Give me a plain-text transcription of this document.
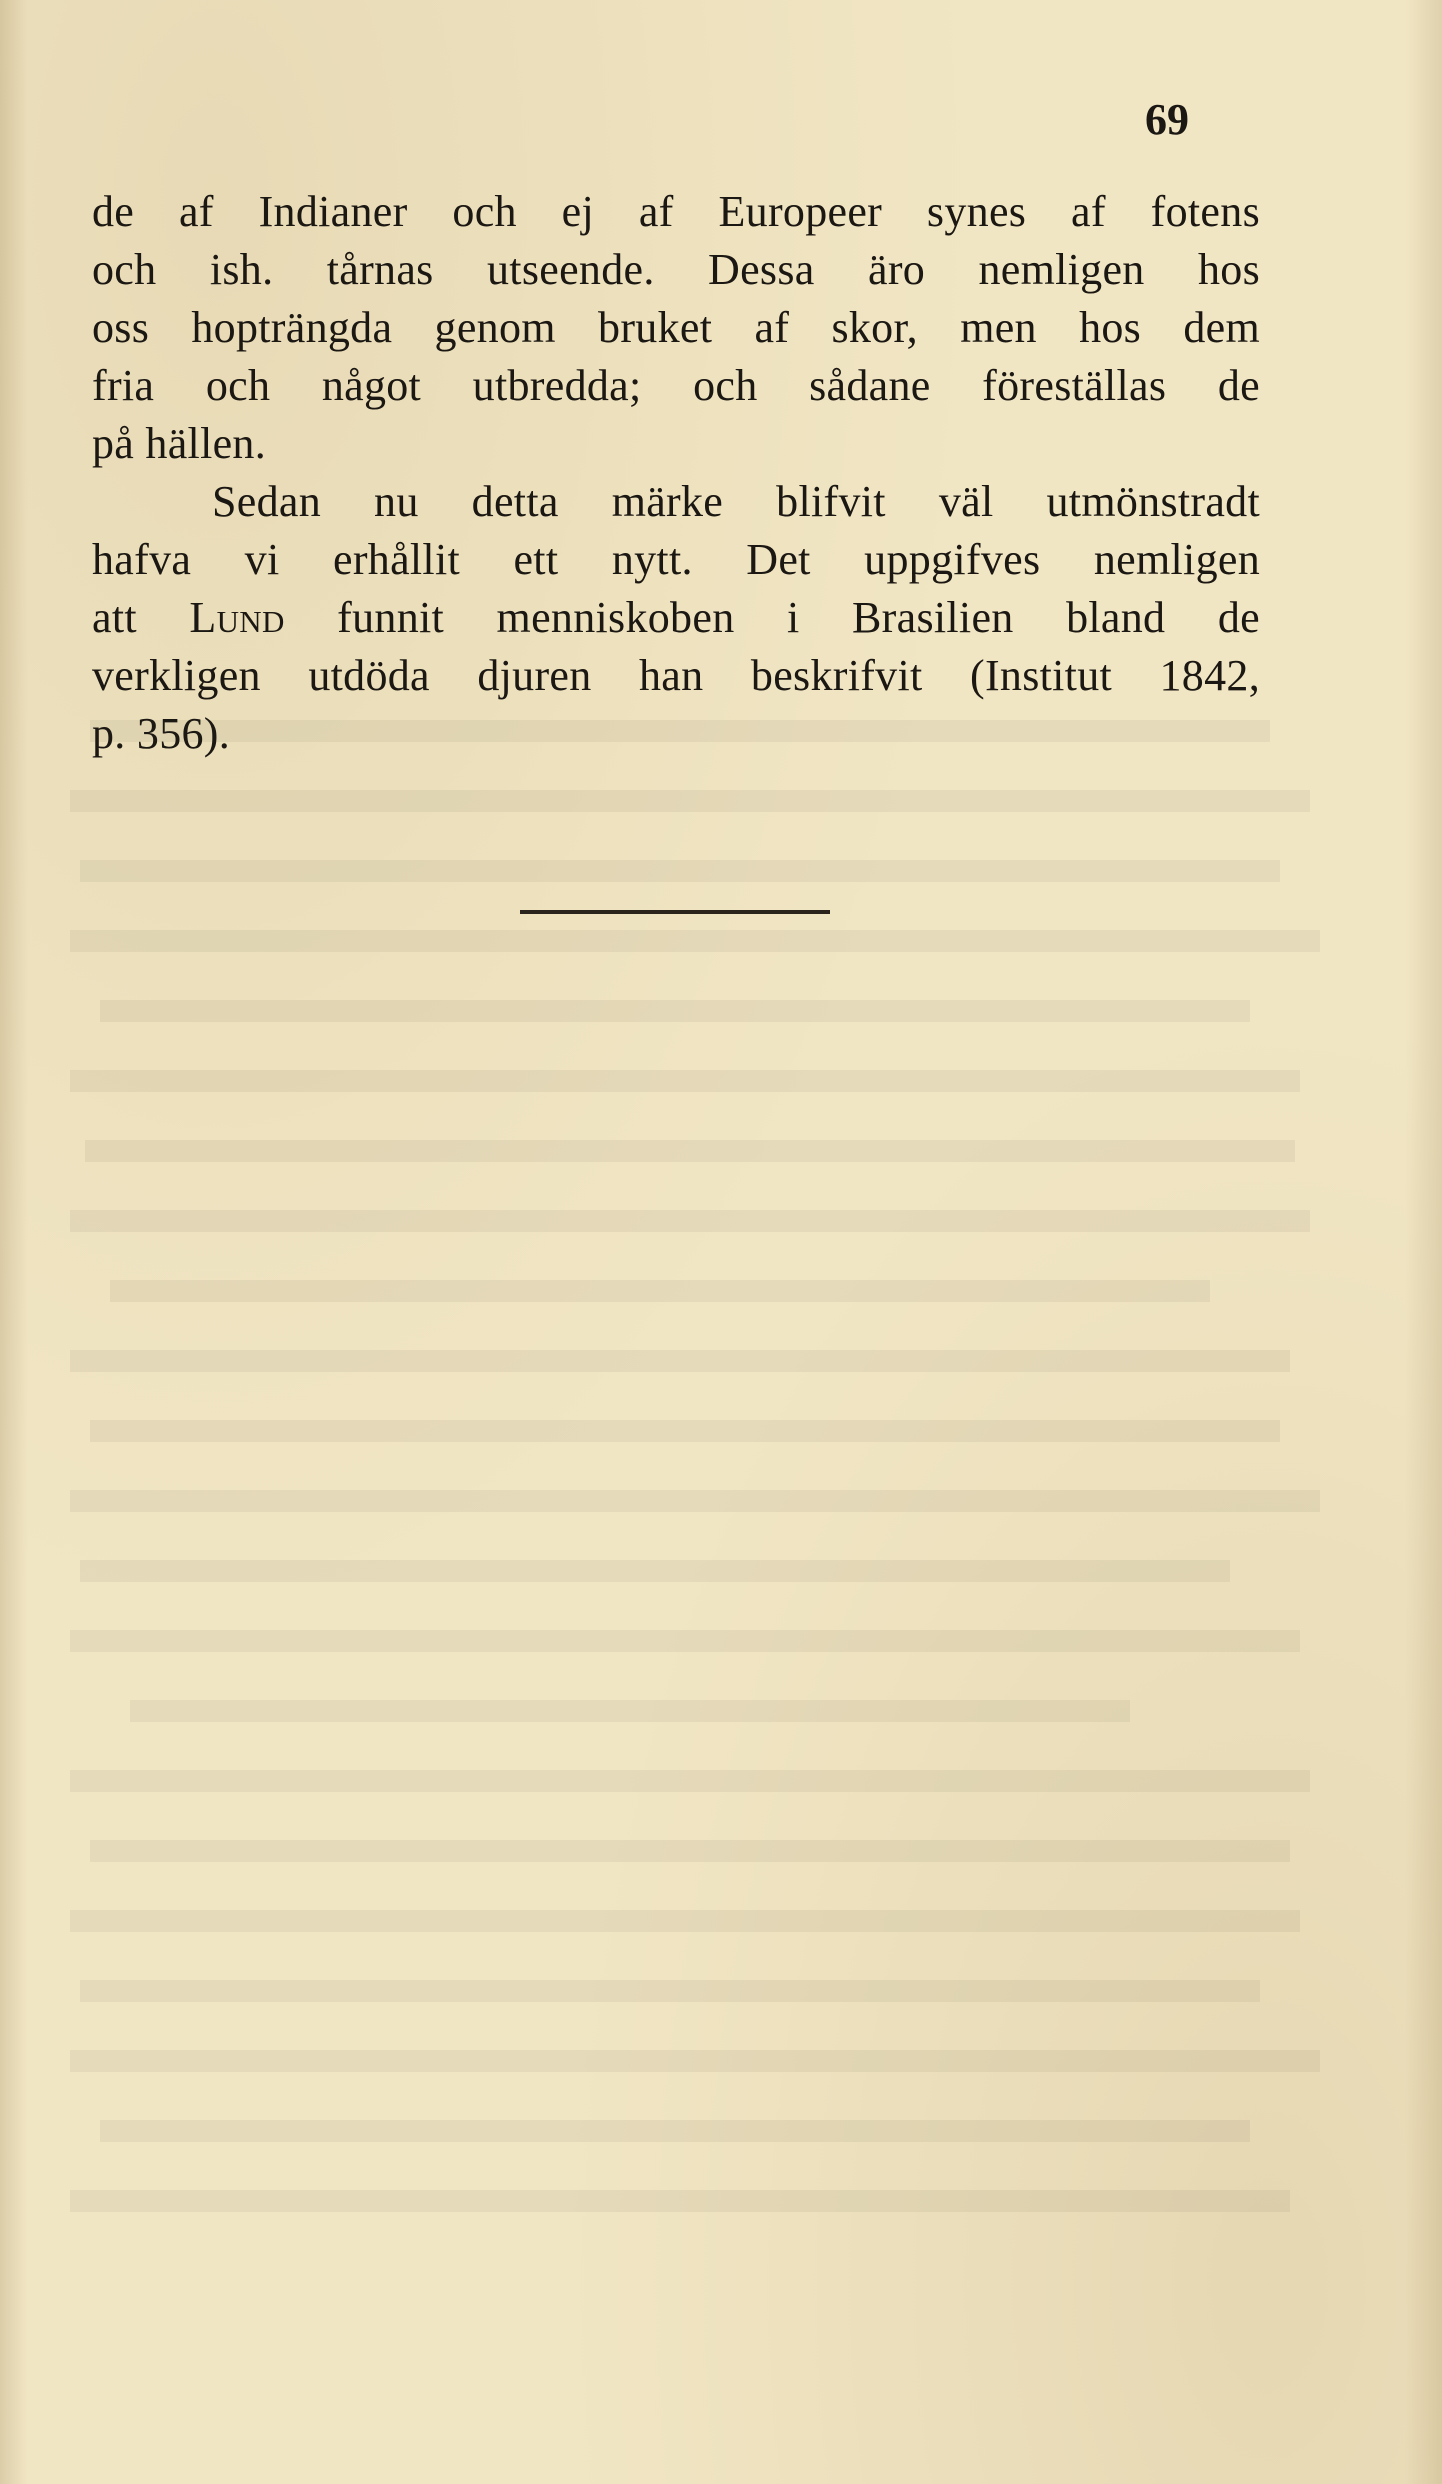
69

de af Indianer och ej af Europeer synes af fotens
och ish. tårnas utseende. Dessa äro nemligen hos
oss hopträngda genom bruket af skor, men hos dem
fria och något utbredda; och sådane föreställas de
på hällen.
Sedan nu detta märke blifvit väl utmönstradt
hafva vi erhållit ett nytt. Det uppgifves nemligen
att Lund funnit menniskoben i Brasilien bland de
verkligen utdöda djuren han beskrifvit (Institut 1842,
p. 356).
